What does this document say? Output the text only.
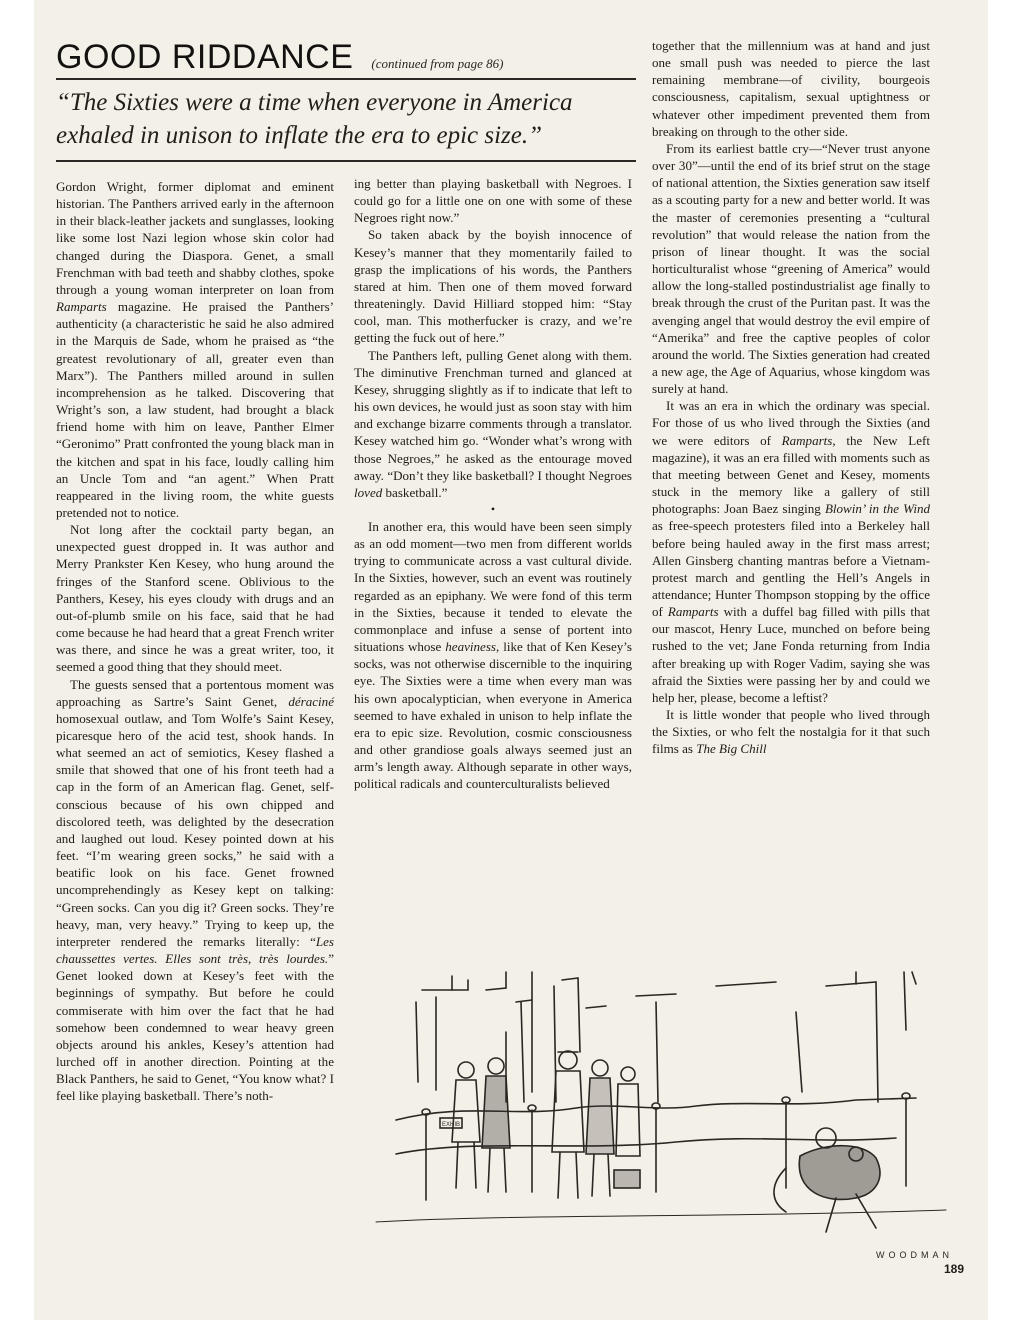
GOOD RIDDANCE (continued from page 86)

“The Sixties were a time when everyone in America exhaled in unison to inflate the era to epic size.”

Gordon Wright, former diplomat and eminent historian. The Panthers arrived early in the afternoon in their black-leather jackets and sunglasses, looking like some lost Nazi legion whose skin color had changed during the Diaspora. Genet, a small Frenchman with bad teeth and shabby clothes, spoke through a young woman interpreter on loan from Ramparts magazine. He praised the Panthers’ authenticity (a characteristic he said he also admired in the Marquis de Sade, whom he praised as “the greatest revolutionary of all, greater even than Marx”). The Panthers milled around in sullen incomprehension as he talked. Discovering that Wright’s son, a law student, had brought a black friend home with him on leave, Panther Elmer “Geronimo” Pratt confronted the young black man in the kitchen and spat in his face, loudly calling him an Uncle Tom and “an agent.” When Pratt reappeared in the living room, the white guests pretended not to notice.

Not long after the cocktail party began, an unexpected guest dropped in. It was author and Merry Prankster Ken Kesey, who hung around the fringes of the Stanford scene. Oblivious to the Panthers, Kesey, his eyes cloudy with drugs and an out-of-plumb smile on his face, said that he had come because he had heard that a great French writer was there, and since he was a great writer, too, it seemed a good thing that they should meet.

The guests sensed that a portentous moment was approaching as Sartre’s Saint Genet, déraciné homosexual outlaw, and Tom Wolfe’s Saint Kesey, picaresque hero of the acid test, shook hands. In what seemed an act of semiotics, Kesey flashed a smile that showed that one of his front teeth had a cap in the form of an American flag. Genet, self-conscious because of his own chipped and discolored teeth, was delighted by the desecration and laughed out loud. Kesey pointed down at his feet. “I’m wearing green socks,” he said with a beatific look on his face. Genet frowned uncomprehendingly as Kesey kept on talking: “Green socks. Can you dig it? Green socks. They’re heavy, man, very heavy.” Trying to keep up, the interpreter rendered the remarks literally: “Les chaussettes vertes. Elles sont très, très lourdes.” Genet looked down at Kesey’s feet with the beginnings of sympathy. But before he could commiserate with him over the fact that he had somehow been condemned to wear heavy green objects around his ankles, Kesey’s attention had lurched off in another direction. Pointing at the Black Panthers, he said to Genet, “You know what? I feel like playing basketball. There’s noth-

ing better than playing basketball with Negroes. I could go for a little one on one with some of these Negroes right now.”

So taken aback by the boyish innocence of Kesey’s manner that they momentarily failed to grasp the implications of his words, the Panthers stared at him. Then one of them moved forward threateningly. David Hilliard stopped him: “Stay cool, man. This motherfucker is crazy, and we’re getting the fuck out of here.”

The Panthers left, pulling Genet along with them. The diminutive Frenchman turned and glanced at Kesey, shrugging slightly as if to indicate that left to his own devices, he would just as soon stay with him and exchange bizarre comments through a translator. Kesey watched him go. “Wonder what’s wrong with those Negroes,” he asked as the entourage moved away. “Don’t they like basketball? I thought Negroes loved basketball.”

•

In another era, this would have been seen simply as an odd moment—two men from different worlds trying to communicate across a vast cultural divide. In the Sixties, however, such an event was routinely regarded as an epiphany. We were fond of this term in the Sixties, because it tended to elevate the commonplace and infuse a sense of portent into situations whose heaviness, like that of Ken Kesey’s socks, was not otherwise discernible to the inquiring eye. The Sixties were a time when every man was his own apocalyptician, when everyone in America seemed to have exhaled in unison to help inflate the era to epic size. Revolution, cosmic consciousness and other grandiose goals always seemed just an arm’s length away. Although separate in other ways, political radicals and counterculturalists believed

together that the millennium was at hand and just one small push was needed to pierce the last remaining membrane—of civility, bourgeois consciousness, capitalism, sexual uptightness or whatever other impediment prevented them from breaking on through to the other side.

From its earliest battle cry—“Never trust anyone over 30”—until the end of its brief strut on the stage of national attention, the Sixties generation saw itself as a scouting party for a new and better world. It was the master of ceremonies presenting a “cultural revolution” that would release the nation from the prison of linear thought. It was the social horticulturalist whose “greening of America” would allow the long-stalled postindustrialist age finally to break through the crust of the Puritan past. It was the avenging angel that would destroy the evil empire of “Amerika” and free the captive peoples of color around the world. The Sixties generation had created a new age, the Age of Aquarius, whose kingdom was surely at hand.

It was an era in which the ordinary was special. For those of us who lived through the Sixties (and we were editors of Ramparts, the New Left magazine), it was an era filled with moments such as that meeting between Genet and Kesey, moments stuck in the memory like a gallery of still photographs: Joan Baez singing Blowin’ in the Wind as free-speech protesters filed into a Berkeley hall before being hauled away in the first mass arrest; Allen Ginsberg chanting mantras before a Vietnam-protest march and gentling the Hell’s Angels in attendance; Hunter Thompson stopping by the office of Ramparts with a duffel bag filled with pills that our mascot, Henry Luce, munched on before being rushed to the vet; Jane Fonda returning from India after breaking up with Roger Vadim, saying she was afraid the Sixties were passing her by and could we help her, please, become a leftist?

It is little wonder that people who lived through the Sixties, or who felt the nostalgia for it that such films as The Big Chill

EXHIB
WOODMAN
189
